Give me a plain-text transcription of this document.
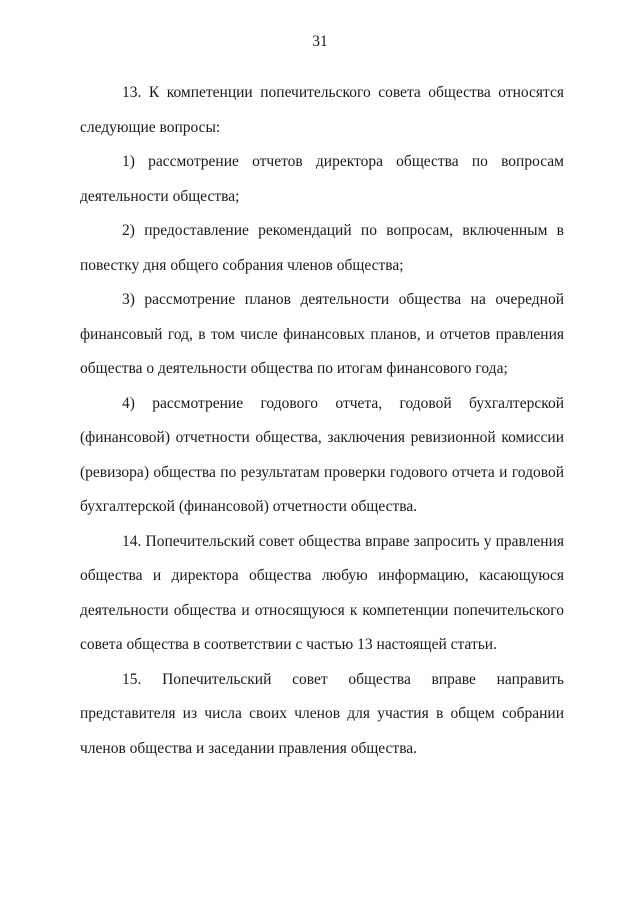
31

13. К компетенции попечительского совета общества относятся следующие вопросы:

1) рассмотрение отчетов директора общества по вопросам деятельности общества;

2) предоставление рекомендаций по вопросам, включенным в повестку дня общего собрания членов общества;

3) рассмотрение планов деятельности общества на очередной финансовый год, в том числе финансовых планов, и отчетов правления общества о деятельности общества по итогам финансового года;

4) рассмотрение годового отчета, годовой бухгалтерской (финансовой) отчетности общества, заключения ревизионной комиссии (ревизора) общества по результатам проверки годового отчета и годовой бухгалтерской (финансовой) отчетности общества.

14. Попечительский совет общества вправе запросить у правления общества и директора общества любую информацию, касающуюся деятельности общества и относящуюся к компетенции попечительского совета общества в соответствии с частью 13 настоящей статьи.

15. Попечительский совет общества вправе направить представителя из числа своих членов для участия в общем собрании членов общества и заседании правления общества.
